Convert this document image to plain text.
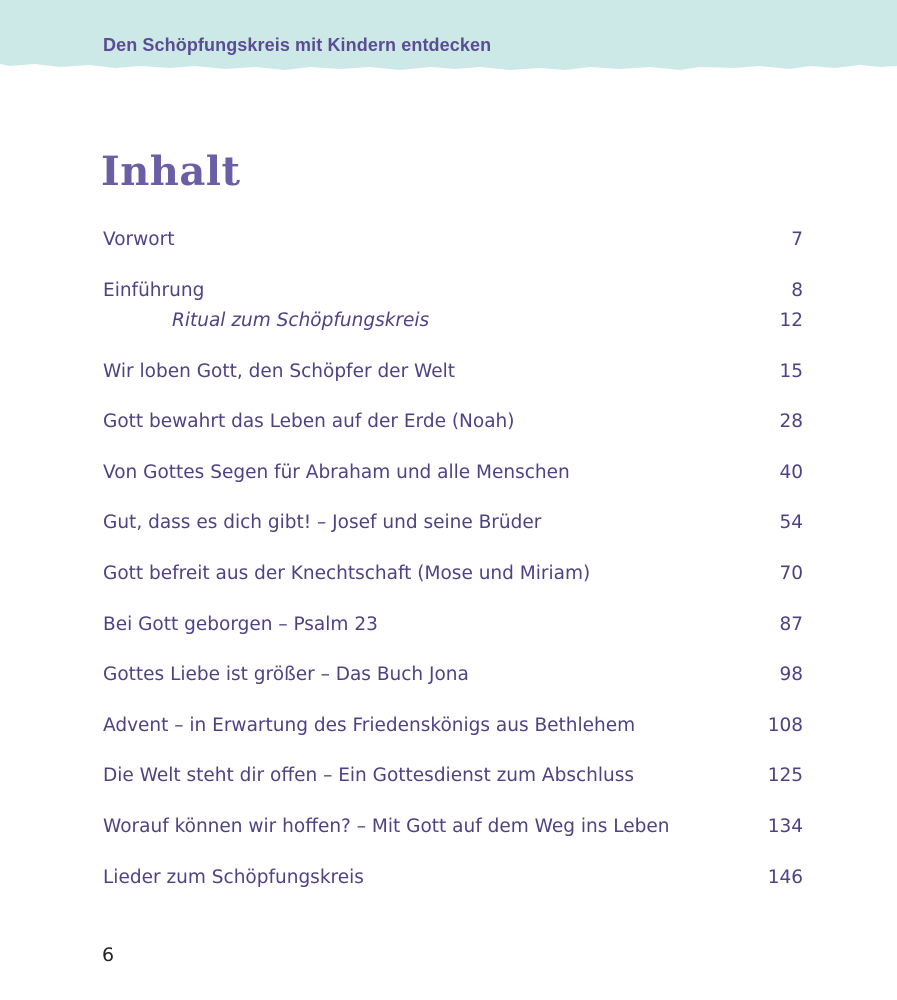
Den Schöpfungskreis mit Kindern entdecken
Inhalt
Vorwort	7
Einführung	8
Ritual zum Schöpfungskreis	12
Wir loben Gott, den Schöpfer der Welt	15
Gott bewahrt das Leben auf der Erde (Noah)	28
Von Gottes Segen für Abraham und alle Menschen	40
Gut, dass es dich gibt! – Josef und seine Brüder	54
Gott befreit aus der Knechtschaft (Mose und Miriam)	70
Bei Gott geborgen – Psalm 23	87
Gottes Liebe ist größer – Das Buch Jona	98
Advent – in Erwartung des Friedenskönigs aus Bethlehem	108
Die Welt steht dir offen – Ein Gottesdienst zum Abschluss	125
Worauf können wir hoffen? – Mit Gott auf dem Weg ins Leben	134
Lieder zum Schöpfungskreis	146
6
